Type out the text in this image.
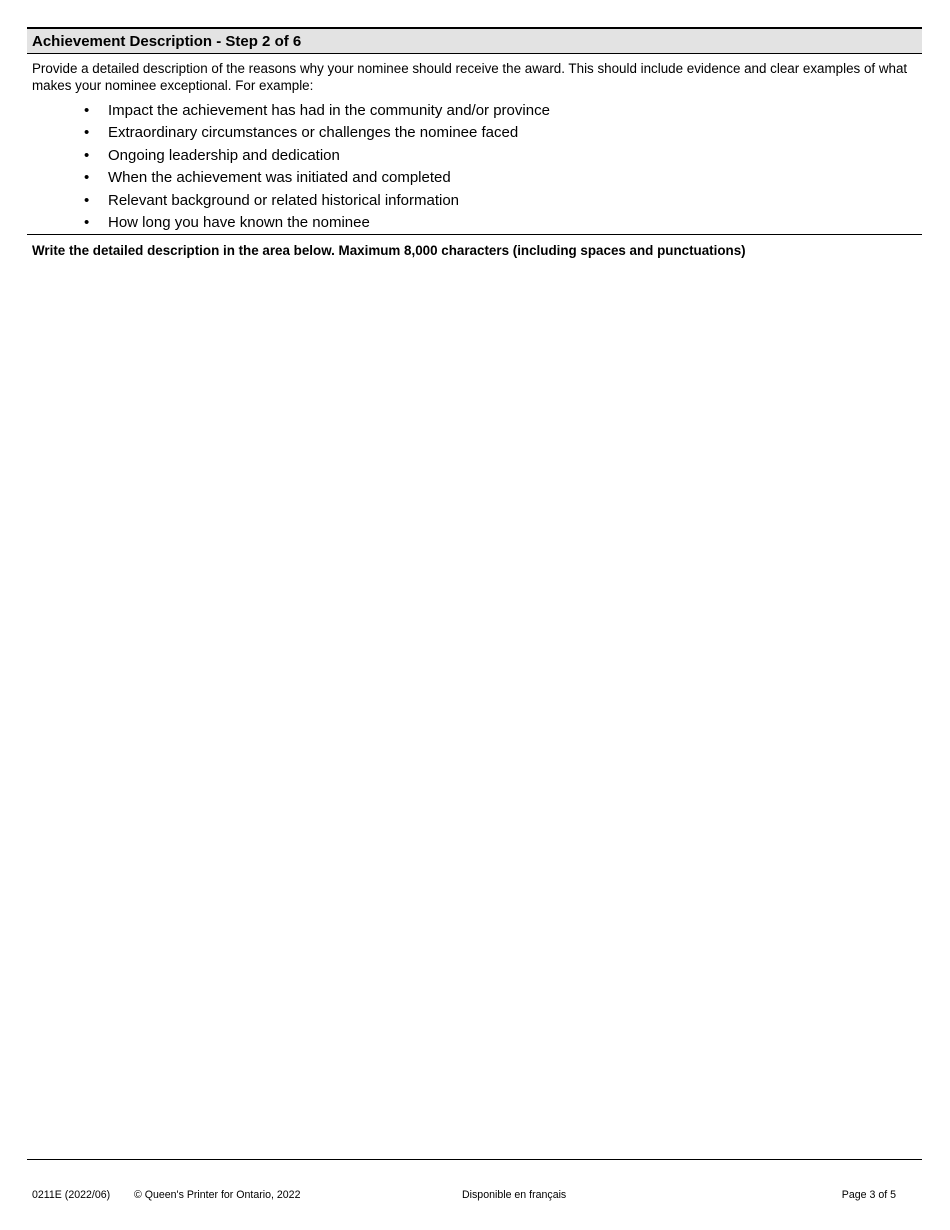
Achievement Description - Step 2 of 6

Provide a detailed description of the reasons why your nominee should receive the award. This should include evidence and clear examples of what makes your nominee exceptional. For example:

• Impact the achievement has had in the community and/or province
• Extraordinary circumstances or challenges the nominee faced
• Ongoing leadership and dedication
• When the achievement was initiated and completed
• Relevant background or related historical information
• How long you have known the nominee

Write the detailed description in the area below. Maximum 8,000 characters (including spaces and punctuations)

0211E (2022/06) © Queen's Printer for Ontario, 2022	Disponible en français	Page 3 of 5
